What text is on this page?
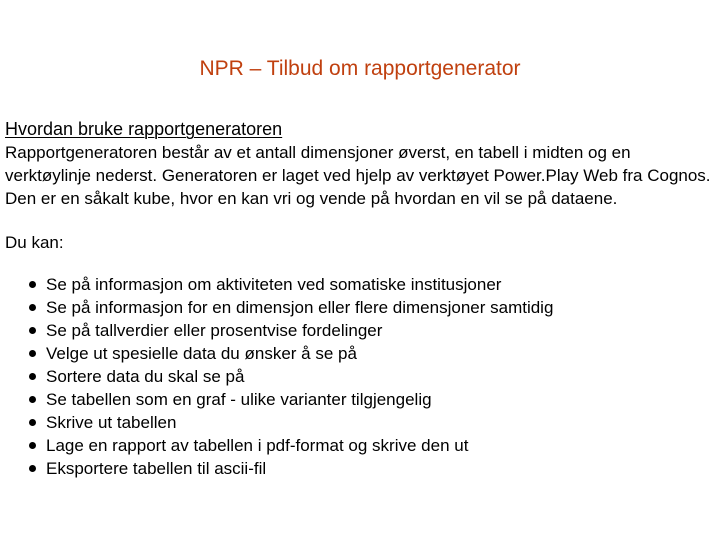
NPR – Tilbud om rapportgenerator
Hvordan bruke rapportgeneratoren

Rapportgeneratoren består av et antall dimensjoner øverst, en tabell i midten og en verktøylinje nederst. Generatoren er laget ved hjelp av verktøyet Power.Play Web fra Cognos. Den er en såkalt kube, hvor en kan vri og vende på hvordan en vil se på dataene.

Du kan:

Se på informasjon om aktiviteten ved somatiske institusjoner
Se på informasjon for en dimensjon eller flere dimensjoner samtidig
Se på tallverdier eller prosentvise fordelinger
Velge ut spesielle data du ønsker å se på
Sortere data du skal se på
Se tabellen som en graf - ulike varianter tilgjengelig
Skrive ut tabellen
Lage en rapport av tabellen i pdf-format og skrive den ut
Eksportere tabellen til ascii-fil
